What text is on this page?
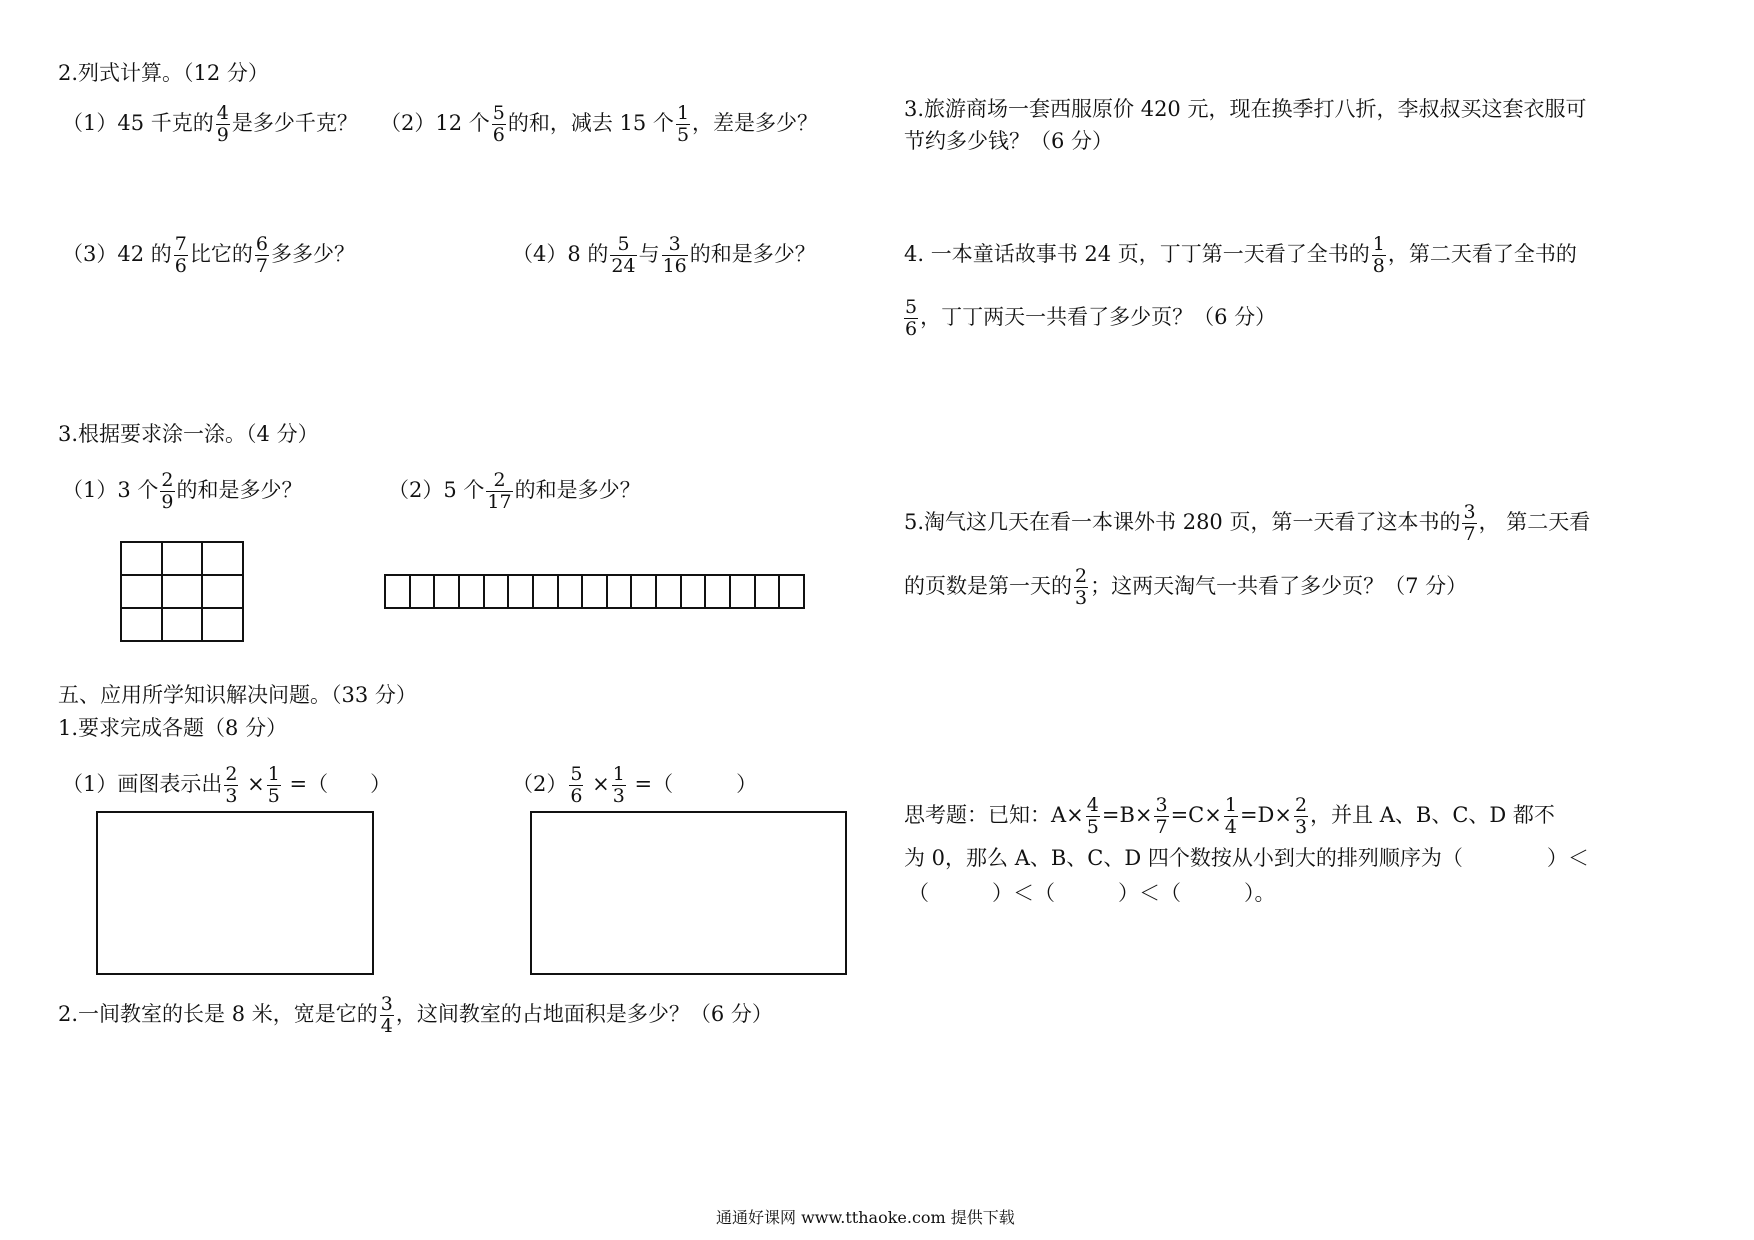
2.列式计算。（12 分）
（1）45 千克的 $\frac{4}{9}$ 是多少千克？ （2）12 个 $\frac{5}{6}$ 的和，减去 15 个 $\frac{1}{5}$ ，差是多少？
（3）42 的 $\frac{7}{6}$ 比它的 $\frac{6}{7}$ 多多少？	（4）8 的 $\frac{5}{24}$ 与 $\frac{3}{16}$ 的和是多少？
3.根据要求涂一涂。（4 分）
（1）3 个 $\frac{2}{9}$ 的和是多少？	（2）5 个 $\frac{2}{17}$ 的和是多少？
五、应用所学知识解决问题。（33 分）
1.要求完成各题（8 分）
（1）画图表示出 $\frac{2}{3} \times \frac{1}{5}$ =（　　）	$(2) \frac{5}{6} \times \frac{1}{3}$ =（　　　）
2.一间教室的长是 8 米，宽是它的 $\frac{3}{4}$ ，这间教室的占地面积是多少？（6 分）
3.旅游商场一套西服原价 420 元，现在换季打八折，李叔叔买这套衣服可
节约多少钱？（6 分）
4. 一本童话故事书 24 页，丁丁第一天看了全书的 $\frac{1}{8}$ ，第二天看了全书的
$\frac{5}{6}$ ，丁丁两天一共看了多少页？（6 分）
5.淘气这几天在看一本课外书 280 页，第一天看了这本书的 $\frac{3}{7}$ ， 第二天看
的页数是第一天的 $\frac{2}{3}$ ；这两天淘气一共看了多少页？（7 分）
思考题：已知：$A\times \frac{4}{5} =B\times \frac{3}{7} =C\times \frac{1}{4} =D\times \frac{2}{3}$ ，并且 A、B、C、D 都不
为 0，那么 A、B、C、D 四个数按从小到大的排列顺序为（　　　　）＜
（　　　）＜（　　　）＜（　　　）。
通通好课网 www.tthaoke.com 提供下载
